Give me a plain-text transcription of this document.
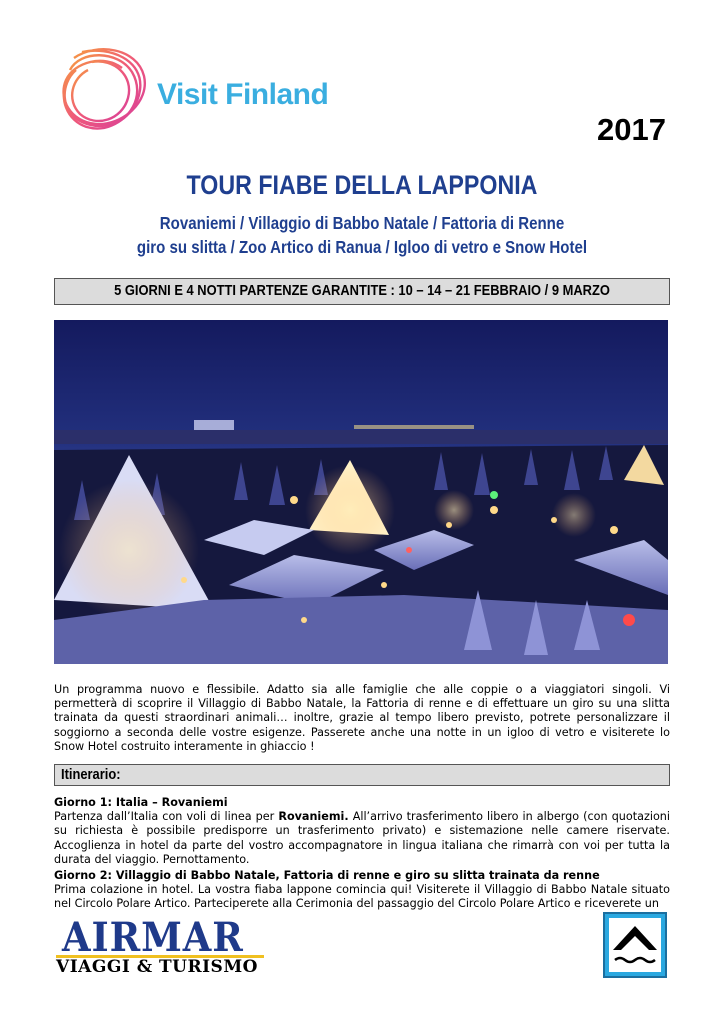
Visit Finland
2017
TOUR FIABE DELLA LAPPONIA
Rovaniemi / Villaggio di Babbo Natale / Fattoria di Renne
giro su slitta / Zoo Artico di Ranua / Igloo di vetro e Snow Hotel
5 GIORNI E 4 NOTTI PARTENZE GARANTITE : 10 – 14 – 21 FEBBRAIO / 9 MARZO
Un programma nuovo e flessibile. Adatto sia alle famiglie che alle coppie o a viaggiatori singoli. Vi permetterà di scoprire il Villaggio di Babbo Natale, la Fattoria di renne e di effettuare un giro su una slitta trainata da questi straordinari animali… inoltre, grazie al tempo libero previsto, potrete personalizzare il soggiorno a seconda delle vostre esigenze. Passerete anche una notte in un igloo di vetro e visiterete lo Snow Hotel costruito interamente in ghiaccio !
Itinerario:
Giorno 1: Italia – Rovaniemi
Partenza dall’Italia con voli di linea per Rovaniemi. All’arrivo trasferimento libero in albergo (con quotazioni su richiesta è possibile predisporre un trasferimento privato) e sistemazione nelle camere riservate. Accoglienza in hotel da parte del vostro accompagnatore in lingua italiana che rimarrà con voi per tutta la durata del viaggio. Pernottamento.
Giorno 2: Villaggio di Babbo Natale, Fattoria di renne e giro su slitta trainata da renne
Prima colazione in hotel. La vostra fiaba lappone comincia qui! Visiterete il Villaggio di Babbo Natale situato nel Circolo Polare Artico. Parteciperete alla Cerimonia del passaggio del Circolo Polare Artico e riceverete un
AIRMAR
VIAGGI & TURISMO
